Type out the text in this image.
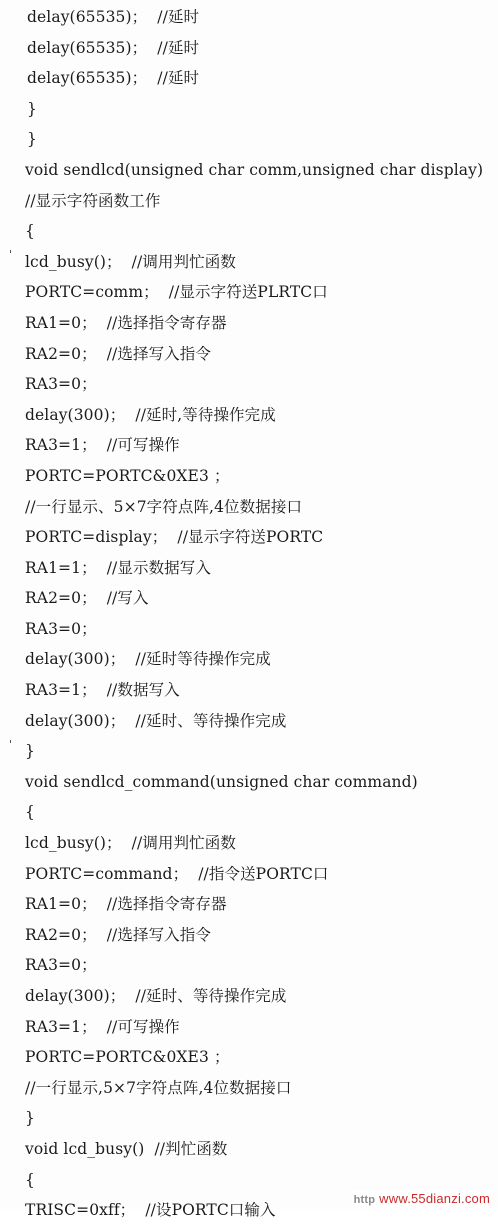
delay(65535)；  //延时
delay(65535)；  //延时
delay(65535)；  //延时
}
}
void sendlcd(unsigned char comm,unsigned char display)
//显示字符函数工作
{
lcd_busy()；  //调用判忙函数
PORTC=comm；  //显示字符送PLRTC口
RA1=0；  //选择指令寄存器
RA2=0；  //选择写入指令
RA3=0；
delay(300)；  //延时,等待操作完成
RA3=1；  //可写操作
PORTC=PORTC&0XE3 ；
//一行显示、5×7字符点阵,4位数据接口
PORTC=display；  //显示字符送PORTC
RA1=1；  //显示数据写入
RA2=0；  //写入
RA3=0；
delay(300)；  //延时等待操作完成
RA3=1；  //数据写入
delay(300)；  //延时、等待操作完成
}
void sendlcd_command(unsigned char command)
{
lcd_busy()；  //调用判忙函数
PORTC=command；  //指令送PORTC口
RA1=0；  //选择指令寄存器
RA2=0；  //选择写入指令
RA3=0；
delay(300)；  //延时、等待操作完成
RA3=1；  //可写操作
PORTC=PORTC&0XE3 ；
//一行显示,5×7字符点阵,4位数据接口
}
void lcd_busy()  //判忙函数
{
TRISC=0xff；  //设PORTC口输入
http www.55dianzi.com
